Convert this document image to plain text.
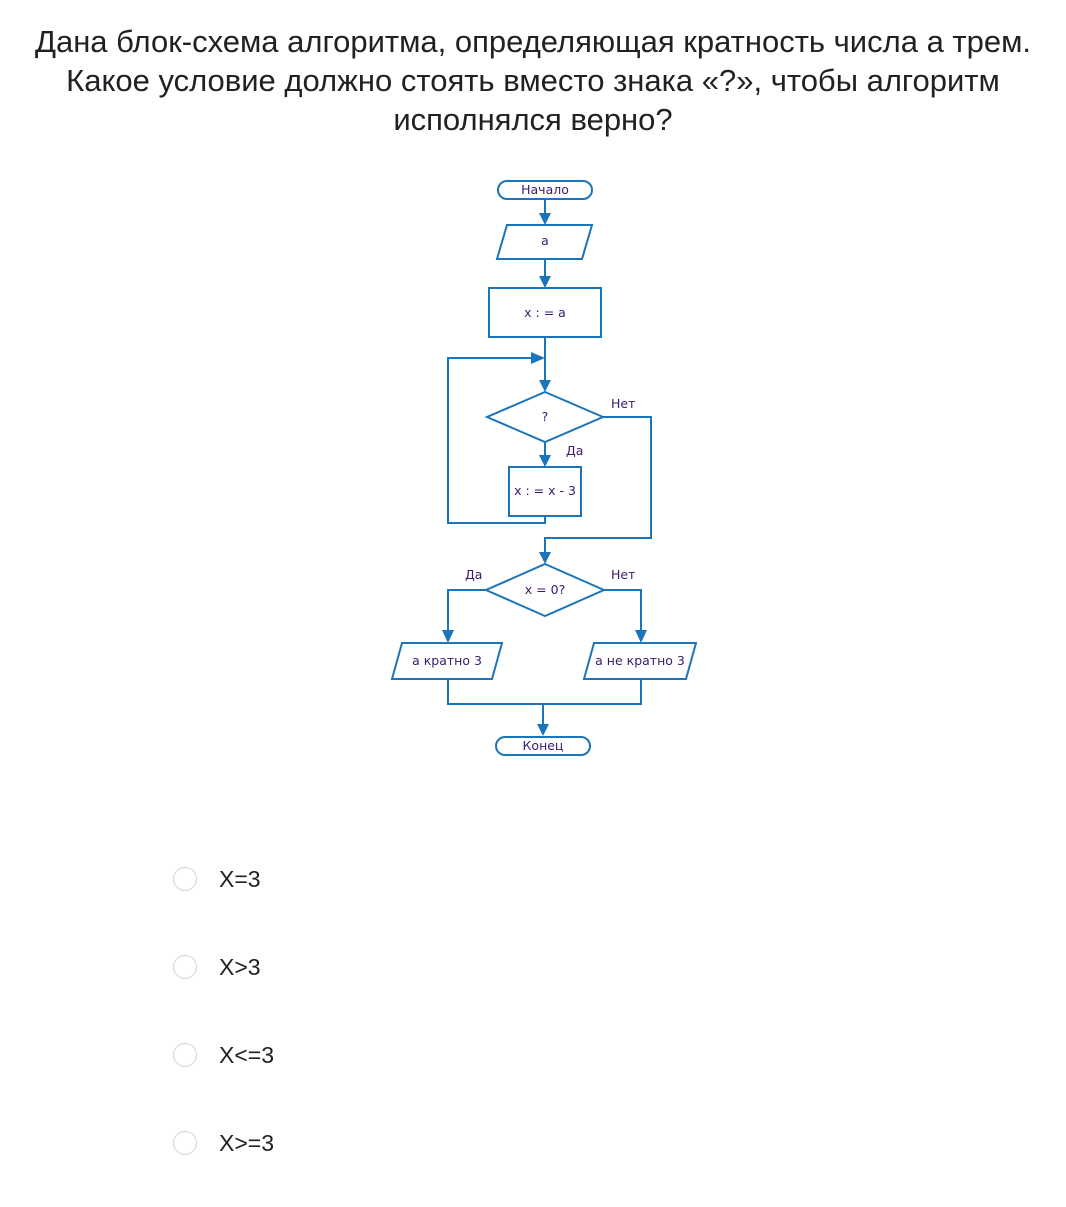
Дана блок-схема алгоритма, определяющая кратность числа а трем.
Какое условие должно стоять вместо знака «?», чтобы алгоритм
исполнялся верно?
Начало
a
x : = a
?
Нет
Да
x : = x - 3
x = 0?
Да	Нет
а кратно 3	а не кратно 3
Конец
X=3
X>3
X<=3
X>=3
